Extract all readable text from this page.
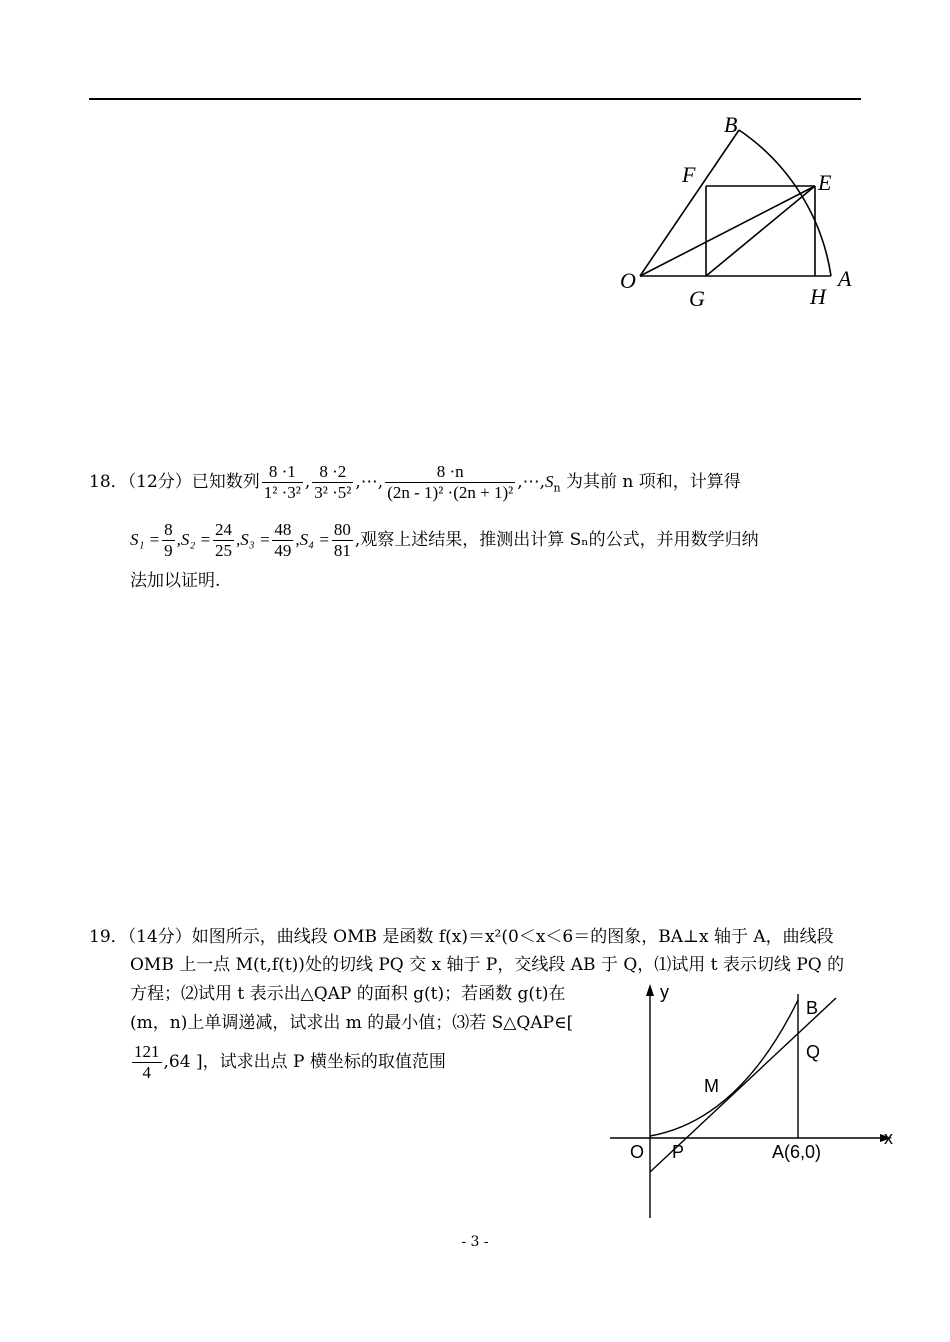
B
F	E
O
G	H
A
18．（12分）已知数列 $\frac{8 \cdot 1}{\text{1² ·3²}}$ , $\frac{8 \cdot 2}{\text{3² ·5²}}$ ,⋯, $\frac{8 \cdot n}{\text{(2n - 1)² ·(2n + 1)²}}$ $,\cdots,S_n$ 为其前 n 项和，计算得
$S_1 = \frac{8}{9} ,S_2 = \frac{24}{25} ,S_3 = \frac{48}{49} ,S_4 = \frac{80}{81}$ ,观察上述结果，推测出计算 Sₙ的公式，并用数学归纳
法加以证明.
19．（14分）如图所示，曲线段 OMB 是函数 f(x)＝x²(0＜x＜6＝的图象，BA⊥x 轴于 A，曲线段
OMB 上一点 M(t,f(t))处的切线 PQ 交 x 轴于 P，交线段 AB 于 Q，⑴试用 t 表示切线 PQ 的
方程；⑵试用 t 表示出△QAP 的面积 g(t)；若函数 g(t)在
(m，n)上单调递减，试求出 m 的最小值；⑶若 S△QAP∈[
$\frac{121}{4} ,64$ ]，试求出点 P 横坐标的取值范围
y
x
B
Q
M
O P	A(6,0)
- 3 -
